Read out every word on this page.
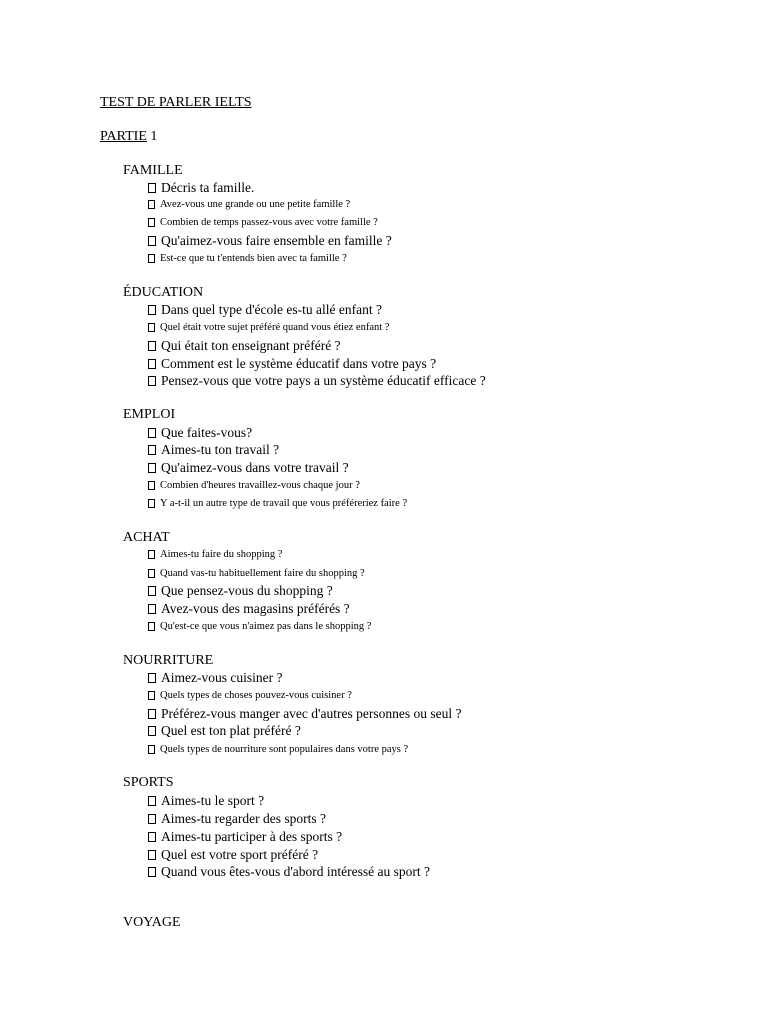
TEST DE PARLER IELTS
PARTIE 1
FAMILLE
Décris ta famille.
Avez-vous une grande ou une petite famille ?
Combien de temps passez-vous avec votre famille ?
Qu'aimez-vous faire ensemble en famille ?
Est-ce que tu t'entends bien avec ta famille ?
ÉDUCATION
Dans quel type d'école es-tu allé enfant ?
Quel était votre sujet préféré quand vous étiez enfant ?
Qui était ton enseignant préféré ?
Comment est le système éducatif dans votre pays ?
Pensez-vous que votre pays a un système éducatif efficace ?
EMPLOI
Que faites-vous?
Aimes-tu ton travail ?
Qu'aimez-vous dans votre travail ?
Combien d'heures travaillez-vous chaque jour ?
Y a-t-il un autre type de travail que vous préféreriez faire ?
ACHAT
Aimes-tu faire du shopping ?
Quand vas-tu habituellement faire du shopping ?
Que pensez-vous du shopping ?
Avez-vous des magasins préférés ?
Qu'est-ce que vous n'aimez pas dans le shopping ?
NOURRITURE
Aimez-vous cuisiner ?
Quels types de choses pouvez-vous cuisiner ?
Préférez-vous manger avec d'autres personnes ou seul ?
Quel est ton plat préféré ?
Quels types de nourriture sont populaires dans votre pays ?
SPORTS
Aimes-tu le sport ?
Aimes-tu regarder des sports ?
Aimes-tu participer à des sports ?
Quel est votre sport préféré ?
Quand vous êtes-vous d'abord intéressé au sport ?
VOYAGE
